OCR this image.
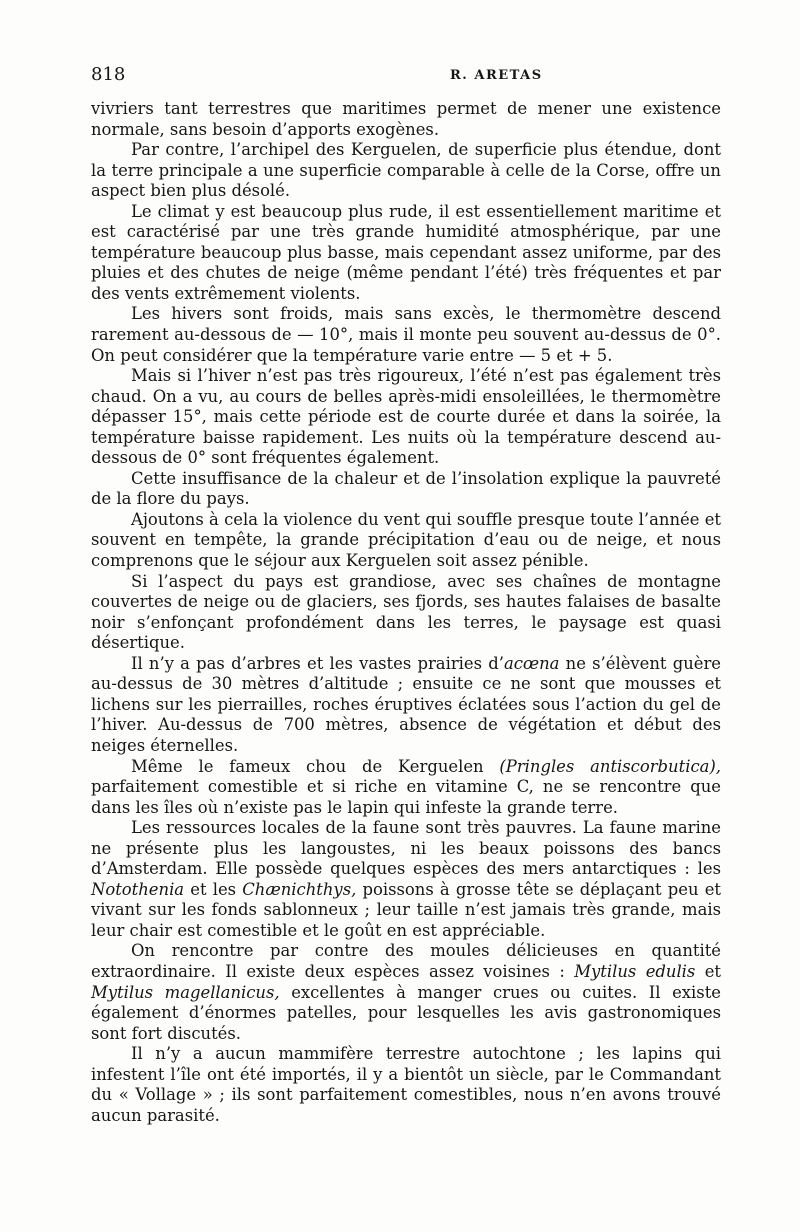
818	R. ARETAS

vivriers tant terrestres que maritimes permet de mener une existence normale, sans besoin d’apports exogènes.

Par contre, l’archipel des Kerguelen, de superficie plus étendue, dont la terre principale a une superficie comparable à celle de la Corse, offre un aspect bien plus désolé.

Le climat y est beaucoup plus rude, il est essentiellement maritime et est caractérisé par une très grande humidité atmosphérique, par une température beaucoup plus basse, mais cependant assez uniforme, par des pluies et des chutes de neige (même pendant l’été) très fréquentes et par des vents extrêmement violents.

Les hivers sont froids, mais sans excès, le thermomètre descend rarement au-dessous de — 10°, mais il monte peu souvent au-dessus de 0°. On peut considérer que la température varie entre — 5 et + 5.

Mais si l’hiver n’est pas très rigoureux, l’été n’est pas également très chaud. On a vu, au cours de belles après-midi ensoleillées, le thermomètre dépasser 15°, mais cette période est de courte durée et dans la soirée, la température baisse rapidement. Les nuits où la température descend au-dessous de 0° sont fréquentes également.

Cette insuffisance de la chaleur et de l’insolation explique la pauvreté de la flore du pays.

Ajoutons à cela la violence du vent qui souffle presque toute l’année et souvent en tempête, la grande précipitation d’eau ou de neige, et nous comprenons que le séjour aux Kerguelen soit assez pénible.

Si l’aspect du pays est grandiose, avec ses chaînes de montagne couvertes de neige ou de glaciers, ses fjords, ses hautes falaises de basalte noir s’enfonçant profondément dans les terres, le paysage est quasi désertique.

Il n’y a pas d’arbres et les vastes prairies d’acœna ne s’élèvent guère au-dessus de 30 mètres d’altitude ; ensuite ce ne sont que mousses et lichens sur les pierrailles, roches éruptives éclatées sous l’action du gel de l’hiver. Au-dessus de 700 mètres, absence de végétation et début des neiges éternelles.

Même le fameux chou de Kerguelen (Pringles antiscorbutica), parfaitement comestible et si riche en vitamine C, ne se rencontre que dans les îles où n’existe pas le lapin qui infeste la grande terre.

Les ressources locales de la faune sont très pauvres. La faune marine ne présente plus les langoustes, ni les beaux poissons des bancs d’Amsterdam. Elle possède quelques espèces des mers antarctiques : les Notothenia et les Chænichthys, poissons à grosse tête se déplaçant peu et vivant sur les fonds sablonneux ; leur taille n’est jamais très grande, mais leur chair est comestible et le goût en est appréciable.

On rencontre par contre des moules délicieuses en quantité extraordinaire. Il existe deux espèces assez voisines : Mytilus edulis et Mytilus magellanicus, excellentes à manger crues ou cuites. Il existe également d’énormes patelles, pour lesquelles les avis gastronomiques sont fort discutés.

Il n’y a aucun mammifère terrestre autochtone ; les lapins qui infestent l’île ont été importés, il y a bientôt un siècle, par le Commandant du « Vollage » ; ils sont parfaitement comestibles, nous n’en avons trouvé aucun parasité.
